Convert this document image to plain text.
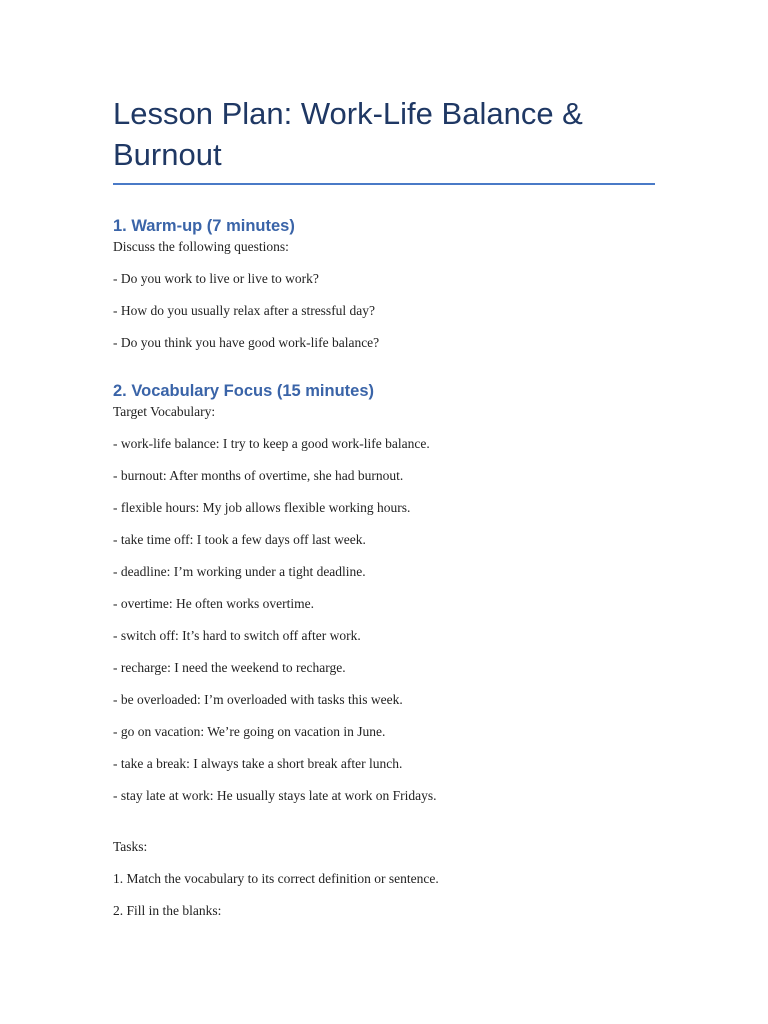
Lesson Plan: Work-Life Balance & Burnout
1. Warm-up (7 minutes)

Discuss the following questions:

- Do you work to live or live to work?

- How do you usually relax after a stressful day?

- Do you think you have good work-life balance?

2. Vocabulary Focus (15 minutes)

Target Vocabulary:

- work-life balance: I try to keep a good work-life balance.

- burnout: After months of overtime, she had burnout.

- flexible hours: My job allows flexible working hours.

- take time off: I took a few days off last week.

- deadline: I’m working under a tight deadline.

- overtime: He often works overtime.

- switch off: It’s hard to switch off after work.

- recharge: I need the weekend to recharge.

- be overloaded: I’m overloaded with tasks this week.

- go on vacation: We’re going on vacation in June.

- take a break: I always take a short break after lunch.

- stay late at work: He usually stays late at work on Fridays.

Tasks:

1. Match the vocabulary to its correct definition or sentence.

2. Fill in the blanks:
